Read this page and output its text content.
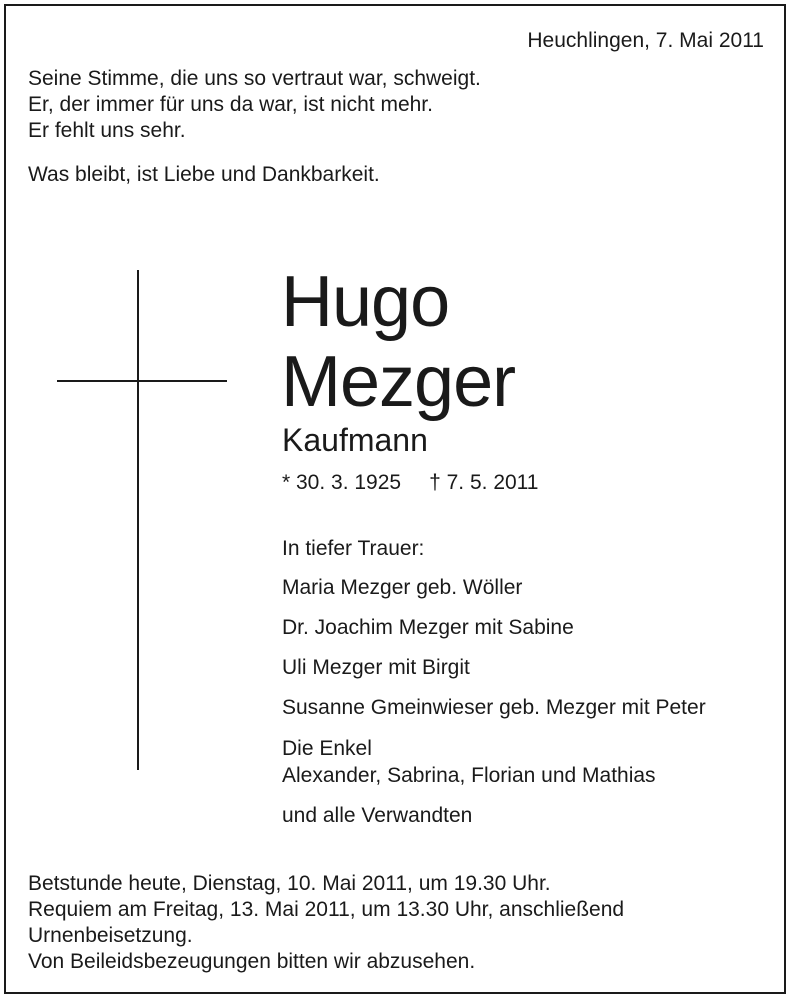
Heuchlingen, 7. Mai 2011
Seine Stimme, die uns so vertraut war, schweigt.
Er, der immer für uns da war, ist nicht mehr.
Er fehlt uns sehr.
Was bleibt, ist Liebe und Dankbarkeit.
Hugo
Mezger
Kaufmann
* 30. 3. 1925 † 7. 5. 2011
In tiefer Trauer:
Maria Mezger geb. Wöller
Dr. Joachim Mezger mit Sabine
Uli Mezger mit Birgit
Susanne Gmeinwieser geb. Mezger mit Peter
Die Enkel
Alexander, Sabrina, Florian und Mathias
und alle Verwandten
Betstunde heute, Dienstag, 10. Mai 2011, um 19.30 Uhr.
Requiem am Freitag, 13. Mai 2011, um 13.30 Uhr, anschließend
Urnenbeisetzung.
Von Beileidsbezeugungen bitten wir abzusehen.
